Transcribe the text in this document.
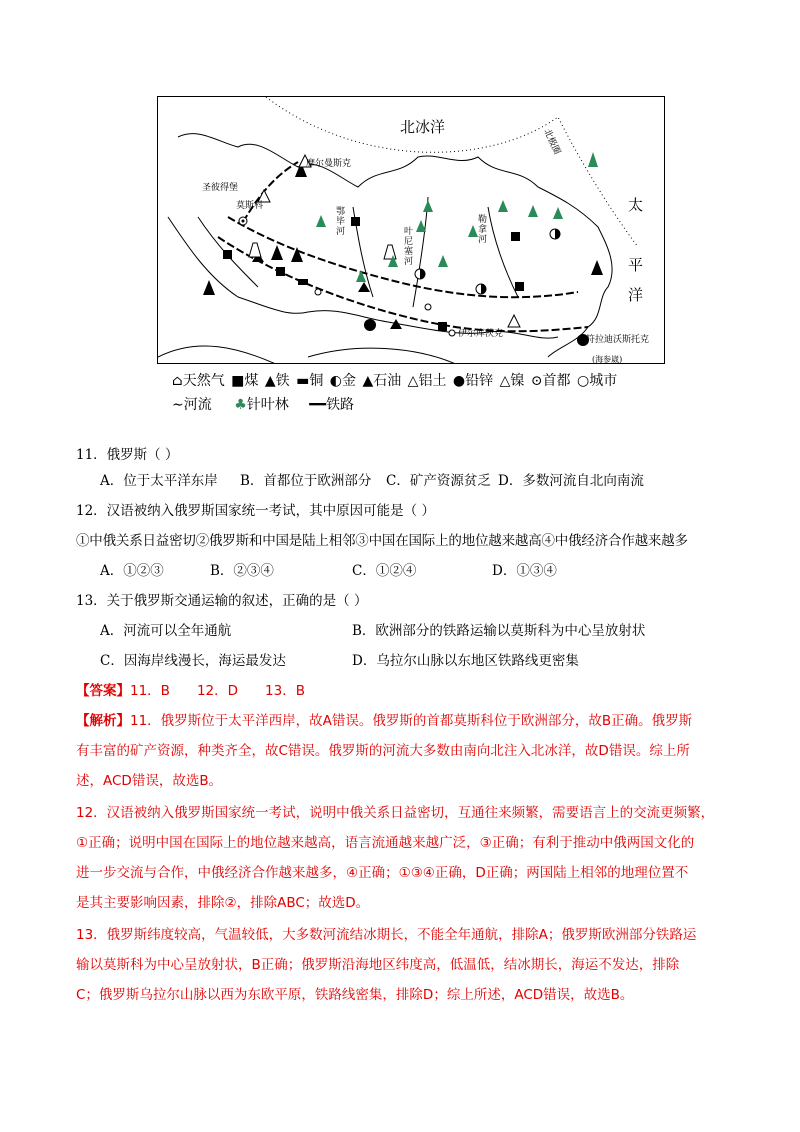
北冰洋
摩尔曼斯克
圣彼得堡
莫斯科
伊尔库茨克
符拉迪沃斯托克
(海参崴)
北极圈
鄂毕河	叶尼塞河
勒拿河
太
平
洋
⌂天然气 ■煤 ▲铁 ▬铜 ◐金 ▲石油 △铝土 ●铅锌 △镍 ⊙首都 ○城市
∼河流 ♣针叶林 ━━铁路
11．俄罗斯（ ）
A．位于太平洋东岸 B．首都位于欧洲部分 C．矿产资源贫乏 D．多数河流自北向南流
12．汉语被纳入俄罗斯国家统一考试，其中原因可能是（ ）
①中俄关系日益密切②俄罗斯和中国是陆上相邻③中国在国际上的地位越来越高④中俄经济合作越来越多
A．①②③	B．②③④	C．①②④	D．①③④
13．关于俄罗斯交通运输的叙述，正确的是（ ）
A．河流可以全年通航	B．欧洲部分的铁路运输以莫斯科为中心呈放射状
C．因海岸线漫长，海运最发达	D．乌拉尔山脉以东地区铁路线更密集
【答案】11．B　　12．D　　13．B
【解析】11．俄罗斯位于太平洋西岸，故A错误。俄罗斯的首都莫斯科位于欧洲部分，故B正确。俄罗斯
有丰富的矿产资源，种类齐全，故C错误。俄罗斯的河流大多数由南向北注入北冰洋，故D错误。综上所
述，ACD错误，故选B。
12．汉语被纳入俄罗斯国家统一考试，说明中俄关系日益密切，互通往来频繁，需要语言上的交流更频繁，
①正确；说明中国在国际上的地位越来越高，语言流通越来越广泛，③正确；有利于推动中俄两国文化的
进一步交流与合作，中俄经济合作越来越多，④正确；①③④正确，D正确；两国陆上相邻的地理位置不
是其主要影响因素，排除②，排除ABC；故选D。
13．俄罗斯纬度较高，气温较低，大多数河流结冰期长，不能全年通航，排除A；俄罗斯欧洲部分铁路运
输以莫斯科为中心呈放射状，B正确；俄罗斯沿海地区纬度高，低温低，结冰期长，海运不发达，排除
C；俄罗斯乌拉尔山脉以西为东欧平原，铁路线密集，排除D；综上所述，ACD错误，故选B。
